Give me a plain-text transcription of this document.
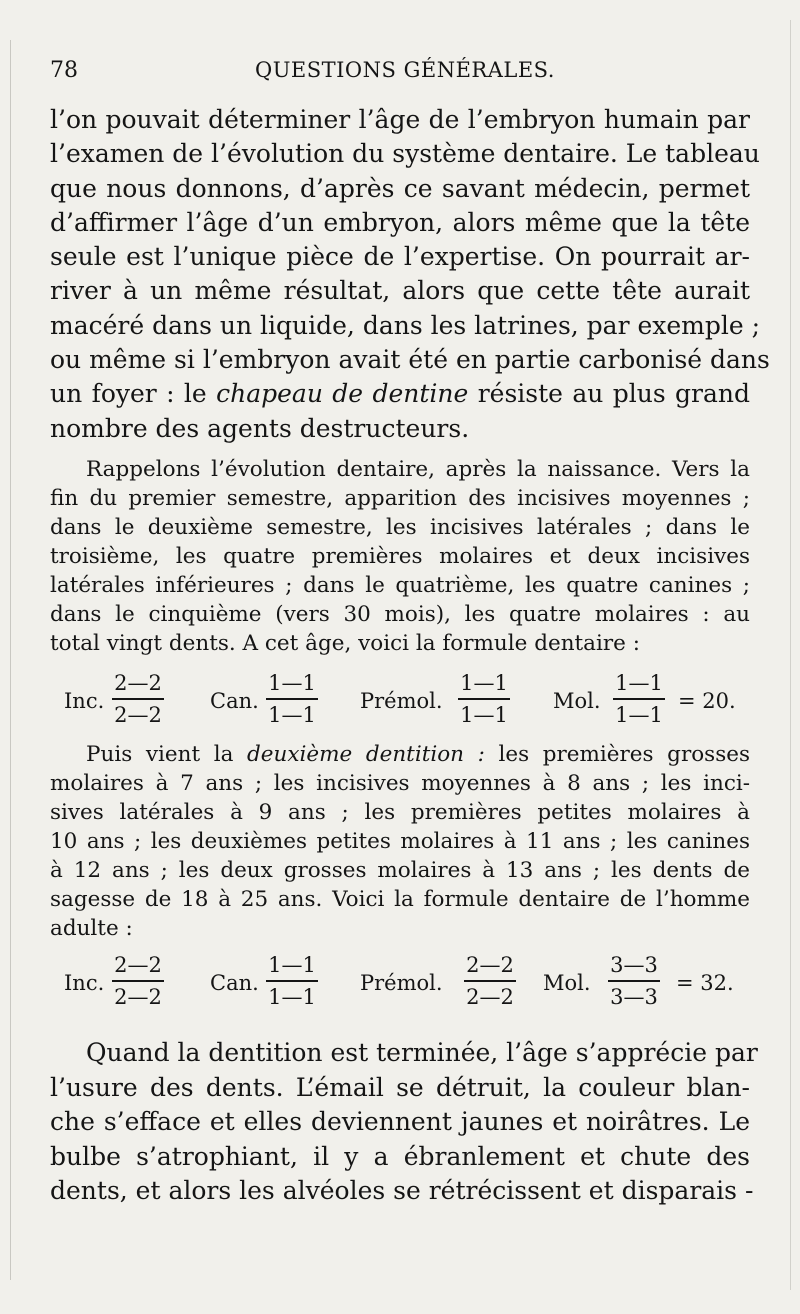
78	QUESTIONS GÉNÉRALES.
l’on pouvait déterminer l’âge de l’embryon humain par
l’examen de l’évolution du système dentaire. Le tableau
que nous donnons, d’après ce savant médecin, permet
d’affirmer l’âge d’un embryon, alors même que la tête
seule est l’unique pièce de l’expertise. On pourrait ar-
river à un même résultat, alors que cette tête aurait
macéré dans un liquide, dans les latrines, par exemple ;
ou même si l’embryon avait été en partie carbonisé dans
un foyer : le chapeau de dentine résiste au plus grand
nombre des agents destructeurs.
Rappelons l’évolution dentaire, après la naissance. Vers la
fin du premier semestre, apparition des incisives moyennes ;
dans le deuxième semestre, les incisives latérales ; dans le
troisième, les quatre premières molaires et deux incisives
latérales inférieures ; dans le quatrième, les quatre canines ;
dans le cinquième (vers 30 mois), les quatre molaires : au
total vingt dents. A cet âge, voici la formule dentaire :
Inc.
2—2
2—2
Can.
1—1
1—1
Prémol.
1—1
1—1
Mol.
1—1
1—1
= 20.
Puis vient la deuxième dentition : les premières grosses
molaires à 7 ans ; les incisives moyennes à 8 ans ; les inci-
sives latérales à 9 ans ; les premières petites molaires à
10 ans ; les deuxièmes petites molaires à 11 ans ; les canines
à 12 ans ; les deux grosses molaires à 13 ans ; les dents de
sagesse de 18 à 25 ans. Voici la formule dentaire de l’homme
adulte :
Inc.
2—2
2—2
Can.
1—1
1—1
Prémol.
2—2
2—2
Mol.
3—3
3—3
= 32.
Quand la dentition est terminée, l’âge s’apprécie par
l’usure des dents. L’émail se détruit, la couleur blan-
che s’efface et elles deviennent jaunes et noirâtres. Le
bulbe s’atrophiant, il y a ébranlement et chute des
dents, et alors les alvéoles se rétrécissent et disparais -
